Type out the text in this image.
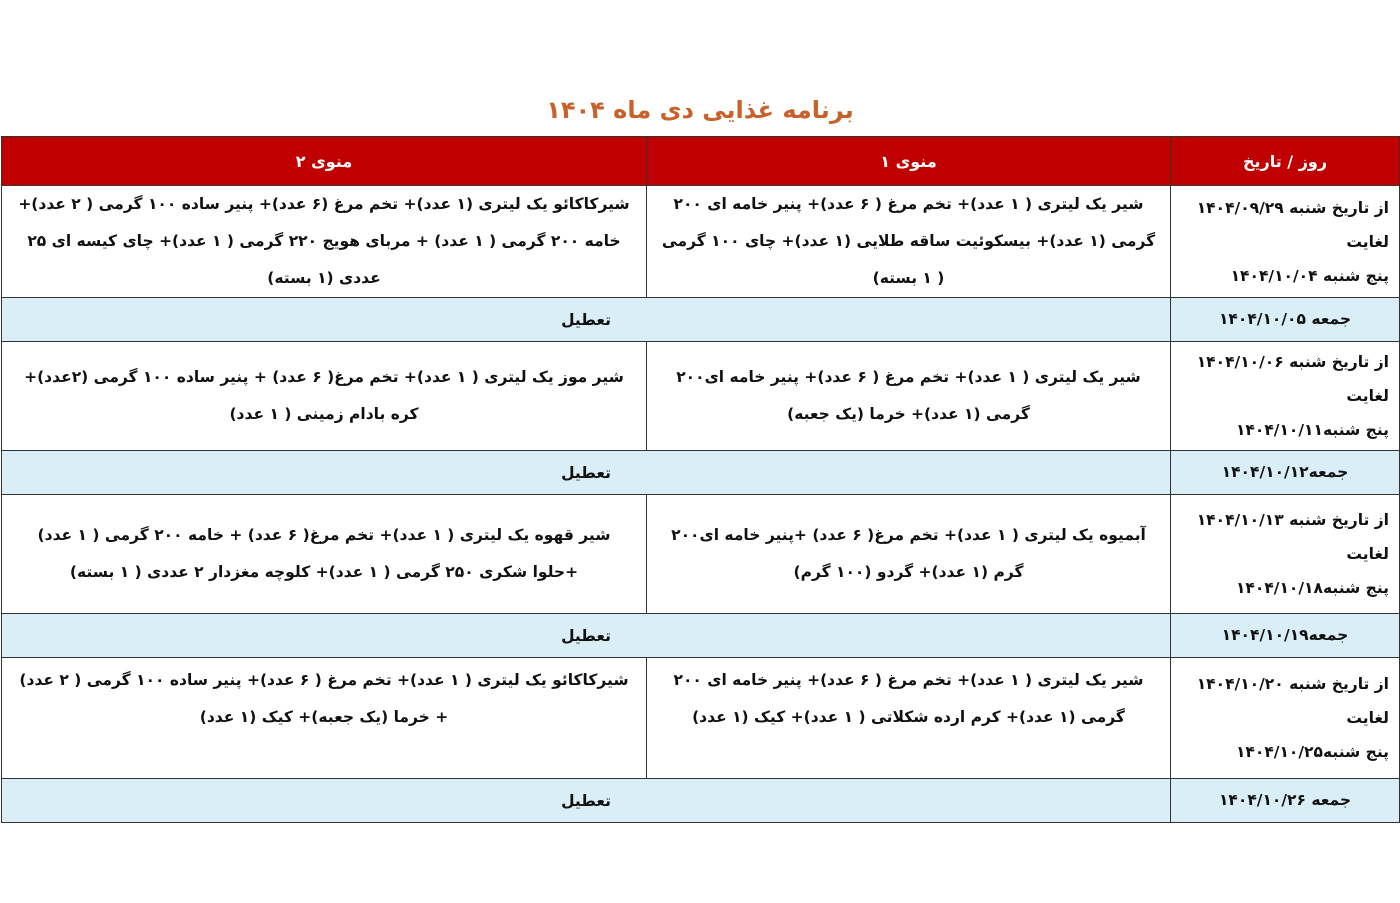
برنامه غذایی دی ماه ۱۴۰۴
روز / تاریخ	منوی ۱	منوی ۲

از تاریخ شنبه ۱۴۰۴/۰۹/۲۹
لغایت
پنج شنبه ۱۴۰۴/۱۰/۰۴	شیر یک لیتری ( ۱ عدد)+ تخم مرغ ( ۶ عدد)+ پنیر خامه ای ۲۰۰ گرمی (۱ عدد)+ بیسکوئیت ساقه طلایی (۱ عدد)+ چای ۱۰۰ گرمی ( ۱ بسته)	شیرکاکائو یک لیتری (۱ عدد)+ تخم مرغ (۶ عدد)+ پنیر ساده ۱۰۰ گرمی ( ۲ عدد)+ خامه ۲۰۰ گرمی ( ۱ عدد) + مربای هویج ۲۲۰ گرمی ( ۱ عدد)+ چای کیسه ای ۲۵ عددی (۱ بسته)
جمعه ۱۴۰۴/۱۰/۰۵	تعطیل	

از تاریخ شنبه ۱۴۰۴/۱۰/۰۶
لغایت
پنج شنبه۱۴۰۴/۱۰/۱۱	شیر یک لیتری ( ۱ عدد)+ تخم مرغ ( ۶ عدد)+ پنیر خامه ای۲۰۰ گرمی (۱ عدد)+ خرما (یک جعبه)	شیر موز یک لیتری ( ۱ عدد)+ تخم مرغ( ۶ عدد) + پنیر ساده ۱۰۰ گرمی (۲عدد)+ کره بادام زمینی ( ۱ عدد)
جمعه۱۴۰۴/۱۰/۱۲	تعطیل	

از تاریخ شنبه ۱۴۰۴/۱۰/۱۳
لغایت
پنج شنبه۱۴۰۴/۱۰/۱۸	آبمیوه یک لیتری ( ۱ عدد)+ تخم مرغ( ۶ عدد) +پنیر خامه ای۲۰۰ گرم (۱ عدد)+ گردو (۱۰۰ گرم)	شیر قهوه یک لیتری ( ۱ عدد)+ تخم مرغ( ۶ عدد) + خامه ۲۰۰ گرمی ( ۱ عدد) +حلوا شکری ۲۵۰ گرمی ( ۱ عدد)+ کلوچه مغزدار ۲ عددی ( ۱ بسته)
جمعه۱۴۰۴/۱۰/۱۹	تعطیل	

از تاریخ شنبه ۱۴۰۴/۱۰/۲۰
لغایت
پنج شنبه۱۴۰۴/۱۰/۲۵	شیر یک لیتری ( ۱ عدد)+ تخم مرغ ( ۶ عدد)+ پنیر خامه ای ۲۰۰ گرمی (۱ عدد)+ کرم ارده شکلاتی ( ۱ عدد)+ کیک (۱ عدد)	شیرکاکائو یک لیتری ( ۱ عدد)+ تخم مرغ ( ۶ عدد)+ پنیر ساده ۱۰۰ گرمی ( ۲ عدد) + خرما (یک جعبه)+ کیک (۱ عدد)
جمعه ۱۴۰۴/۱۰/۲۶	تعطیل	
